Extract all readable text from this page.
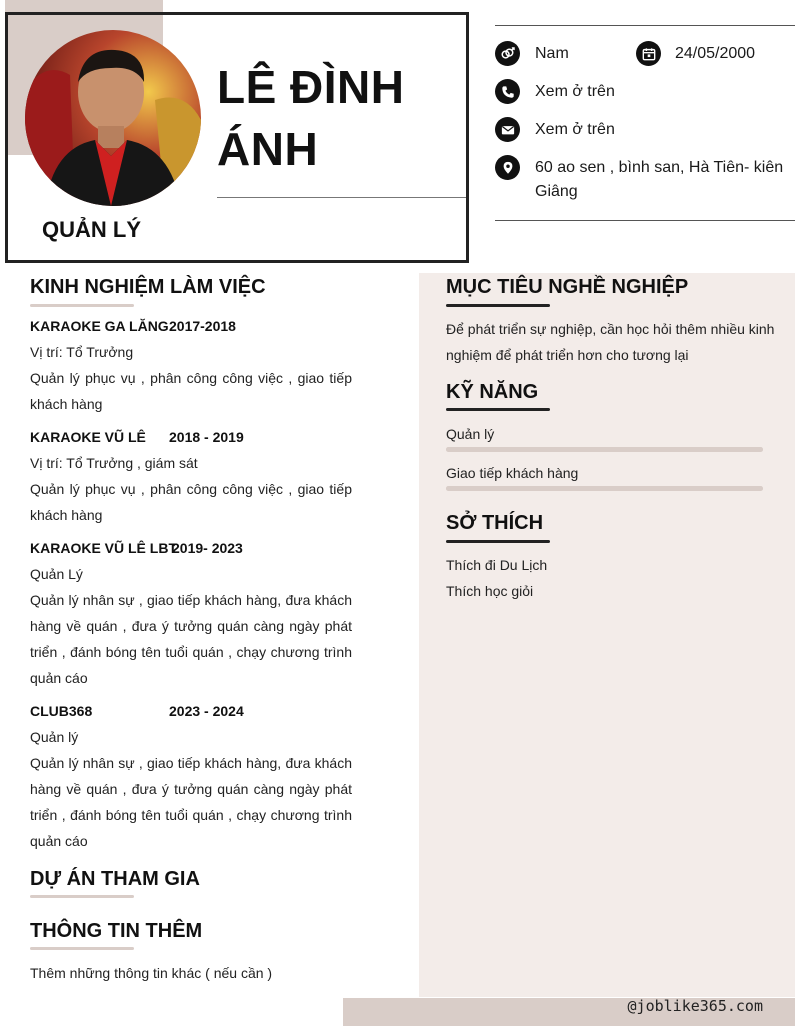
LÊ ĐÌNH
ÁNH
QUẢN LÝ
Nam	24/05/2000
Xem ở trên
Xem ở trên
60 ao sen , bình san, Hà Tiên- kiên Giâng
@joblike365.com
KINH NGHIỆM LÀM VIỆC
KARAOKE GA LĂNG 2017-2018
Vị trí: Tổ Trưởng
Quản lý phục vụ , phân công công việc , giao tiếp khách hàng
KARAOKE VŨ LÊ 2018 - 2019
Vị trí: Tổ Trưởng , giám sát
Quản lý phục vụ , phân công công việc , giao tiếp khách hàng
KARAOKE VŨ LÊ LBT
2019- 2023
Quản Lý
Quản lý nhân sự , giao tiếp khách hàng, đưa khách hàng về quán , đưa ý tưởng quán càng ngày phát triển , đánh bóng tên tuổi quán , chạy chương trình quản cáo
CLUB368	2023 - 2024
Quản lý
Quản lý nhân sự , giao tiếp khách hàng, đưa khách hàng về quán , đưa ý tưởng quán càng ngày phát triển , đánh bóng tên tuổi quán , chạy chương trình quản cáo
DỰ ÁN THAM GIA
THÔNG TIN THÊM
Thêm những thông tin khác ( nếu cần )
MỤC TIÊU NGHỀ NGHIỆP
Để phát triển sự nghiệp, cần học hỏi thêm nhiều kinh nghiệm để phát triển hơn cho tương lại
KỸ NĂNG
Quản lý
Giao tiếp khách hàng
SỞ THÍCH
Thích đi Du Lịch
Thích học giỏi
